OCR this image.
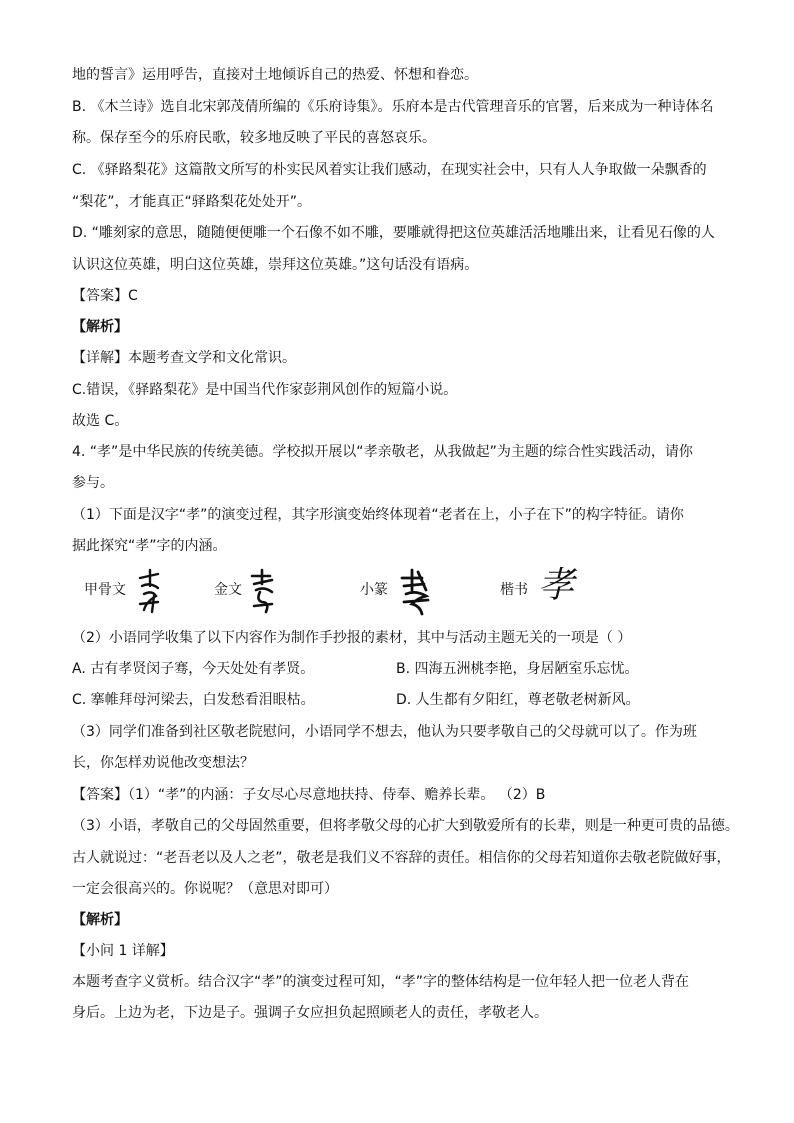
地的誓言》运用呼告，直接对土地倾诉自己的热爱、怀想和眷恋。
B. 《木兰诗》选自北宋郭茂倩所编的《乐府诗集》。乐府本是古代管理音乐的官署，后来成为一种诗体名
称。保存至今的乐府民歌，较多地反映了平民的喜怒哀乐。
C. 《驿路梨花》这篇散文所写的朴实民风着实让我们感动，在现实社会中，只有人人争取做一朵飘香的
“梨花”，才能真正“驿路梨花处处开”。
D. “雕刻家的意思，随随便便雕一个石像不如不雕，要雕就得把这位英雄活活地雕出来，让看见石像的人
认识这位英雄，明白这位英雄，崇拜这位英雄。”这句话没有语病。
【答案】C
【解析】
【详解】本题考查文学和文化常识。
C.错误，《驿路梨花》是中国当代作家彭荆风创作的短篇小说。
故选 C。
4. “孝”是中华民族的传统美德。学校拟开展以“孝亲敬老，从我做起”为主题的综合性实践活动，请你
参与。
（1）下面是汉字“孝”的演变过程，其字形演变始终体现着“老者在上，小子在下”的构字特征。请你
据此探究“孝”字的内涵。
甲骨文	金文	小篆	楷书 孝
（2）小语同学收集了以下内容作为制作手抄报的素材，其中与活动主题无关的一项是（ ）
A. 古有孝贤闵子骞，今天处处有孝贤。	B. 四海五洲桃李艳，身居陋室乐忘忧。
C. 搴帷拜母河梁去，白发愁看泪眼枯。	D. 人生都有夕阳红，尊老敬老树新风。
（3）同学们准备到社区敬老院慰问，小语同学不想去，他认为只要孝敬自己的父母就可以了。作为班
长，你怎样劝说他改变想法？
【答案】（1）“孝”的内涵：子女尽心尽意地扶持、侍奉、赡养长辈。 （2）B
（3）小语，孝敬自己的父母固然重要，但将孝敬父母的心扩大到敬爱所有的长辈，则是一种更可贵的品德。
古人就说过：“老吾老以及人之老”，敬老是我们义不容辞的责任。相信你的父母若知道你去敬老院做好事，
一定会很高兴的。你说呢？（意思对即可）
【解析】
【小问 1 详解】
本题考查字义赏析。结合汉字“孝”的演变过程可知，“孝”字的整体结构是一位年轻人把一位老人背在
身后。上边为老，下边是子。强调子女应担负起照顾老人的责任，孝敬老人。
